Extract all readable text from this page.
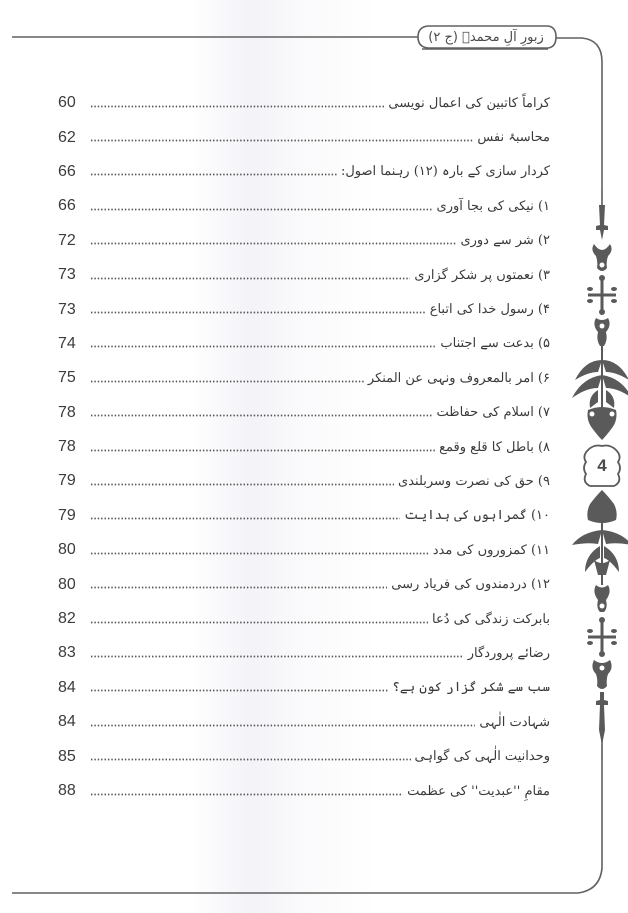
زبورِ آلِ محمدؑ (ج ۲)
4
60	کراماً کاتبین کی اعمال نویسی
62	محاسبۂ نفس
66	کردار سازی کے بارہ (۱۲) رہنما اصول:
66	۱) نیکی کی بجا آوری
72	۲) شر سے دوری
73	۳) نعمتوں پر شکر گزاری
73	۴) رسول خدا کی اتباع
74	۵) بدعت سے اجتناب
75	۶) امر بالمعروف ونہی عن المنکر
78	۷) اسلام کی حفاظت
78	۸) باطل کا قلع وقمع
79	۹) حق کی نصرت وسربلندی
79	۱۰) گمراہوں کی ہدایت
80	۱۱) کمزوروں کی مدد
80	۱۲) دردمندوں کی فریاد رسی
82	بابرکت زندگی کی دُعا
83	رضائے پروردگار
84	سب سے شکر گزار کون ہے؟
84	شہادت الٰہی
85	وحدانیت الٰہی کی گواہی
88	مقامِ ''عبدیت'' کی عظمت
